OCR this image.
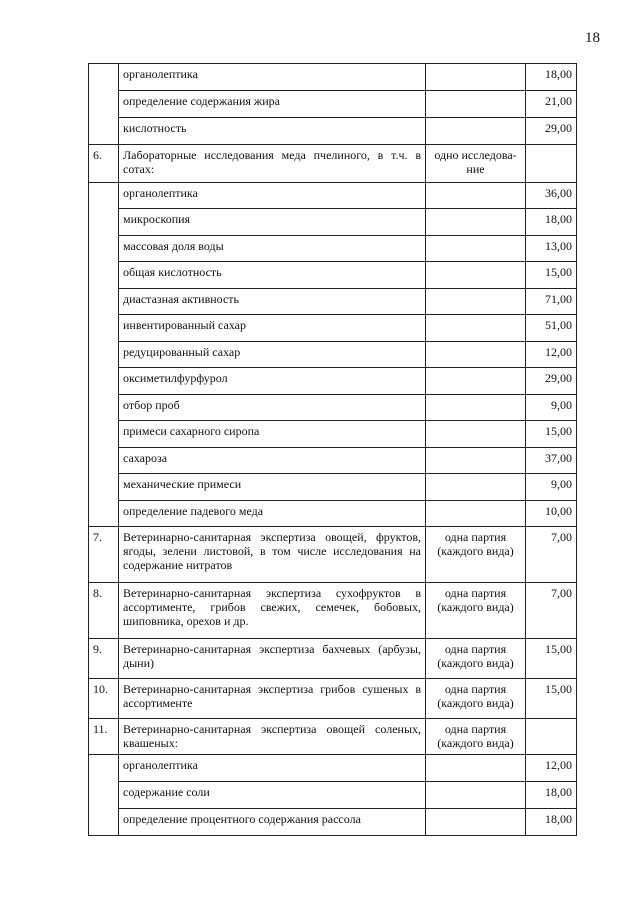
18
	органолептика		18,00
	определение содержания жира		21,00
	кислотность		29,00
6.	Лабораторные исследования меда пчелиного, в т.ч. в сотах:	одно исследова-ние	
	органолептика		36,00
	микроскопия		18,00
	массовая доля воды		13,00
	общая кислотность		15,00
	диастазная активность		71,00
	инвентированный сахар		51,00
	редуцированный сахар		12,00
	оксиметилфурфурол		29,00
	отбор проб		9,00
	примеси сахарного сиропа		15,00
	сахароза		37,00
	механические примеси		9,00
	определение падевого меда		10,00
7.	Ветеринарно-санитарная экспертиза овощей, фруктов, ягоды, зелени листовой, в том числе исследования на содержание нитратов	одна партия (каждого вида)	7,00
8.	Ветеринарно-санитарная экспертиза сухофруктов в ассортименте, грибов свежих, семечек, бобовых, шиповника, орехов и др.	одна партия (каждого вида)	7,00
9.	Ветеринарно-санитарная экспертиза бахчевых (арбузы, дыни)	одна партия (каждого вида)	15,00
10.	Ветеринарно-санитарная экспертиза грибов сушеных в ассортименте	одна партия (каждого вида)	15,00
11.	Ветеринарно-санитарная экспертиза овощей соленых, квашеных:	одна партия (каждого вида)	
	органолептика		12,00
	содержание соли		18,00
	определение процентного содержания рассола		18,00
